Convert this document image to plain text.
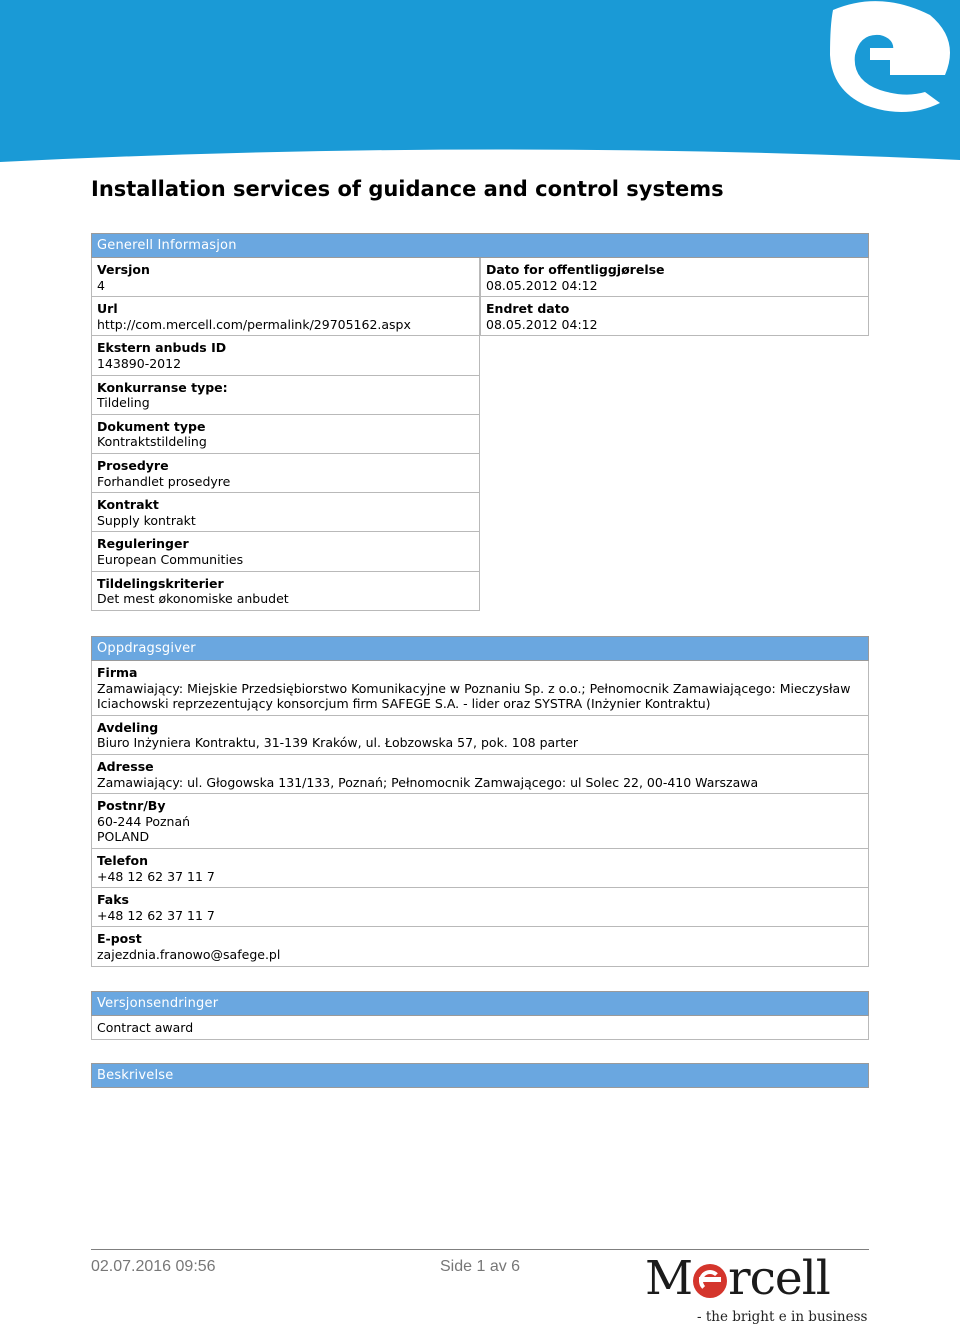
Installation services of guidance and control systems
Generell Informasjon
Versjon
4
Url
http://com.mercell.com/permalink/29705162.aspx
Ekstern anbuds ID
143890-2012
Konkurranse type:
Tildeling
Dokument type
Kontraktstildeling
Prosedyre
Forhandlet prosedyre
Kontrakt
Supply kontrakt
Reguleringer
European Communities
Tildelingskriterier
Det mest økonomiske anbudet
Dato for offentliggjørelse
08.05.2012 04:12
Endret dato
08.05.2012 04:12
Oppdragsgiver
Firma
Zamawiający: Miejskie Przedsiębiorstwo Komunikacyjne w Poznaniu Sp. z o.o.; Pełnomocnik Zamawiającego: Mieczysław Iciachowski reprzezentujący konsorcjum firm SAFEGE S.A. - lider oraz SYSTRA (Inżynier Kontraktu)
Avdeling
Biuro Inżyniera Kontraktu, 31-139 Kraków, ul. Łobzowska 57, pok. 108 parter
Adresse
Zamawiający: ul. Głogowska 131/133, Poznań; Pełnomocnik Zamwającego: ul Solec 22, 00-410 Warszawa
Postnr/By
60-244 Poznań
POLAND
Telefon
+48 12 62 37 11 7
Faks
+48 12 62 37 11 7
E-post
zajezdnia.franowo@safege.pl
Versjonsendringer
Contract award
Beskrivelse
02.07.2016 09:56	Side 1 av 6	M rcell
- the bright e in business
